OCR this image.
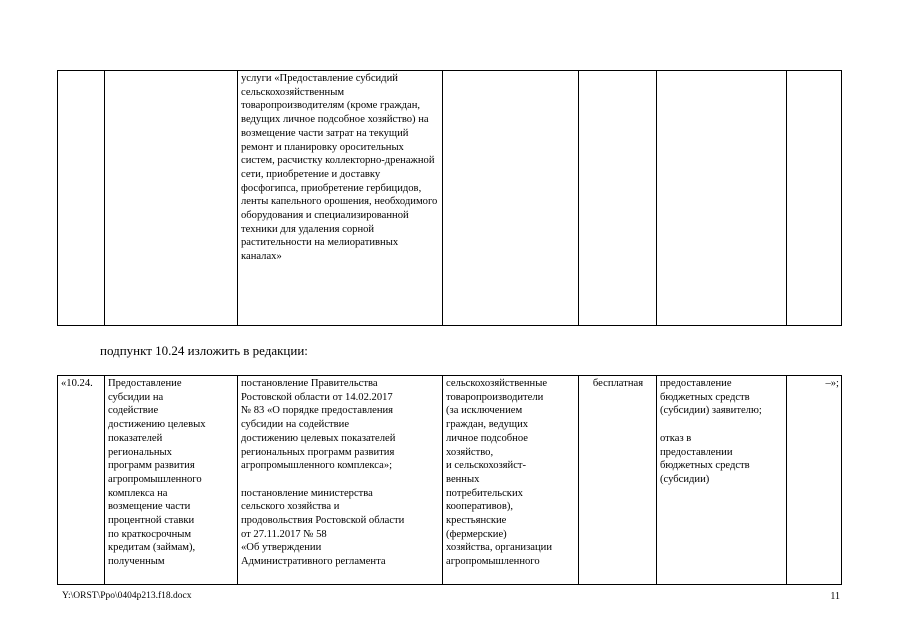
		услуги «Предоставление субсидий сельскохозяйственным товаропроизводителям (кроме граждан, ведущих личное подсобное хозяйство) на возмещение части затрат на текущий ремонт и планировку оросительных систем, расчистку коллекторно-дренажной сети, приобретение и доставку фосфогипса, приобретение гербицидов, ленты капельного орошения, необходимого оборудования и специализированной техники для удаления сорной растительности на мелиоративных каналах»				

подпункт 10.24 изложить в редакции:

«10.24.	Предоставление
субсидии на
содействие
достижению целевых
показателей
региональных
программ развития
агропромышленного
комплекса на
возмещение части
процентной ставки
по краткосрочным
кредитам (займам),
полученным	постановление Правительства
Ростовской области от 14.02.2017
№ 83 «О порядке предоставления
субсидии на содействие
достижению целевых показателей
региональных программ развития
агропромышленного комплекса»;

постановление министерства
сельского хозяйства и
продовольствия Ростовской области
от 27.11.2017 № 58
«Об утверждении
Административного регламента	сельскохозяйственные
товаропроизводители
(за исключением
граждан, ведущих
личное подсобное
хозяйство,
и сельскохозяйст-
венных
потребительских
кооперативов),
крестьянские
(фермерские)
хозяйства, организации
агропромышленного	бесплатная	предоставление
бюджетных средств
(субсидии) заявителю;

отказ в
предоставлении
бюджетных средств
(субсидии)	–»;
Y:\ORST\Ppo\0404p213.f18.docx	11
